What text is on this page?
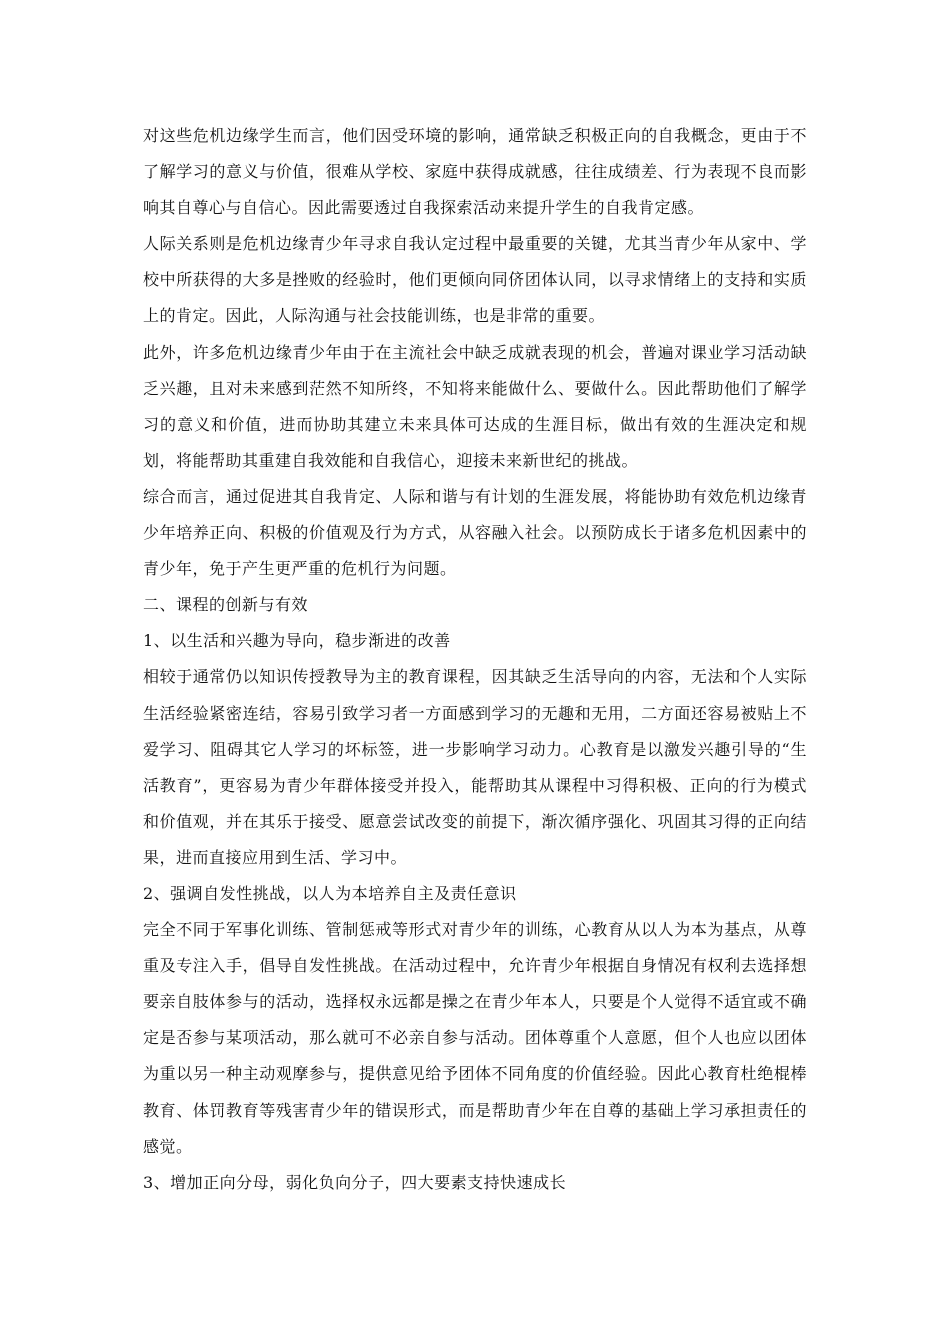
对这些危机边缘学生而言，他们因受环境的影响，通常缺乏积极正向的自我概念，更由于不了解学习的意义与价值，很难从学校、家庭中获得成就感，往往成绩差、行为表现不良而影响其自尊心与自信心。因此需要透过自我探索活动来提升学生的自我肯定感。

人际关系则是危机边缘青少年寻求自我认定过程中最重要的关键，尤其当青少年从家中、学校中所获得的大多是挫败的经验时，他们更倾向同侪团体认同，以寻求情绪上的支持和实质上的肯定。因此，人际沟通与社会技能训练，也是非常的重要。

此外，许多危机边缘青少年由于在主流社会中缺乏成就表现的机会，普遍对课业学习活动缺乏兴趣，且对未来感到茫然不知所终，不知将来能做什么、要做什么。因此帮助他们了解学习的意义和价值，进而协助其建立未来具体可达成的生涯目标，做出有效的生涯决定和规划，将能帮助其重建自我效能和自我信心，迎接未来新世纪的挑战。

综合而言，通过促进其自我肯定、人际和谐与有计划的生涯发展，将能协助有效危机边缘青少年培养正向、积极的价值观及行为方式，从容融入社会。以预防成长于诸多危机因素中的青少年，免于产生更严重的危机行为问题。

二、课程的创新与有效

1、以生活和兴趣为导向，稳步渐进的改善

相较于通常仍以知识传授教导为主的教育课程，因其缺乏生活导向的内容，无法和个人实际生活经验紧密连结，容易引致学习者一方面感到学习的无趣和无用，二方面还容易被贴上不爱学习、阻碍其它人学习的坏标签，进一步影响学习动力。心教育是以激发兴趣引导的“生活教育”，更容易为青少年群体接受并投入，能帮助其从课程中习得积极、正向的行为模式和价值观，并在其乐于接受、愿意尝试改变的前提下，渐次循序强化、巩固其习得的正向结果，进而直接应用到生活、学习中。

2、强调自发性挑战，以人为本培养自主及责任意识

完全不同于军事化训练、管制惩戒等形式对青少年的训练，心教育从以人为本为基点，从尊重及专注入手，倡导自发性挑战。在活动过程中，允许青少年根据自身情况有权利去选择想要亲自肢体参与的活动，选择权永远都是操之在青少年本人，只要是个人觉得不适宜或不确定是否参与某项活动，那么就可不必亲自参与活动。团体尊重个人意愿，但个人也应以团体为重以另一种主动观摩参与，提供意见给予团体不同角度的价值经验。因此心教育杜绝棍棒教育、体罚教育等残害青少年的错误形式，而是帮助青少年在自尊的基础上学习承担责任的感觉。

3、增加正向分母，弱化负向分子，四大要素支持快速成长
